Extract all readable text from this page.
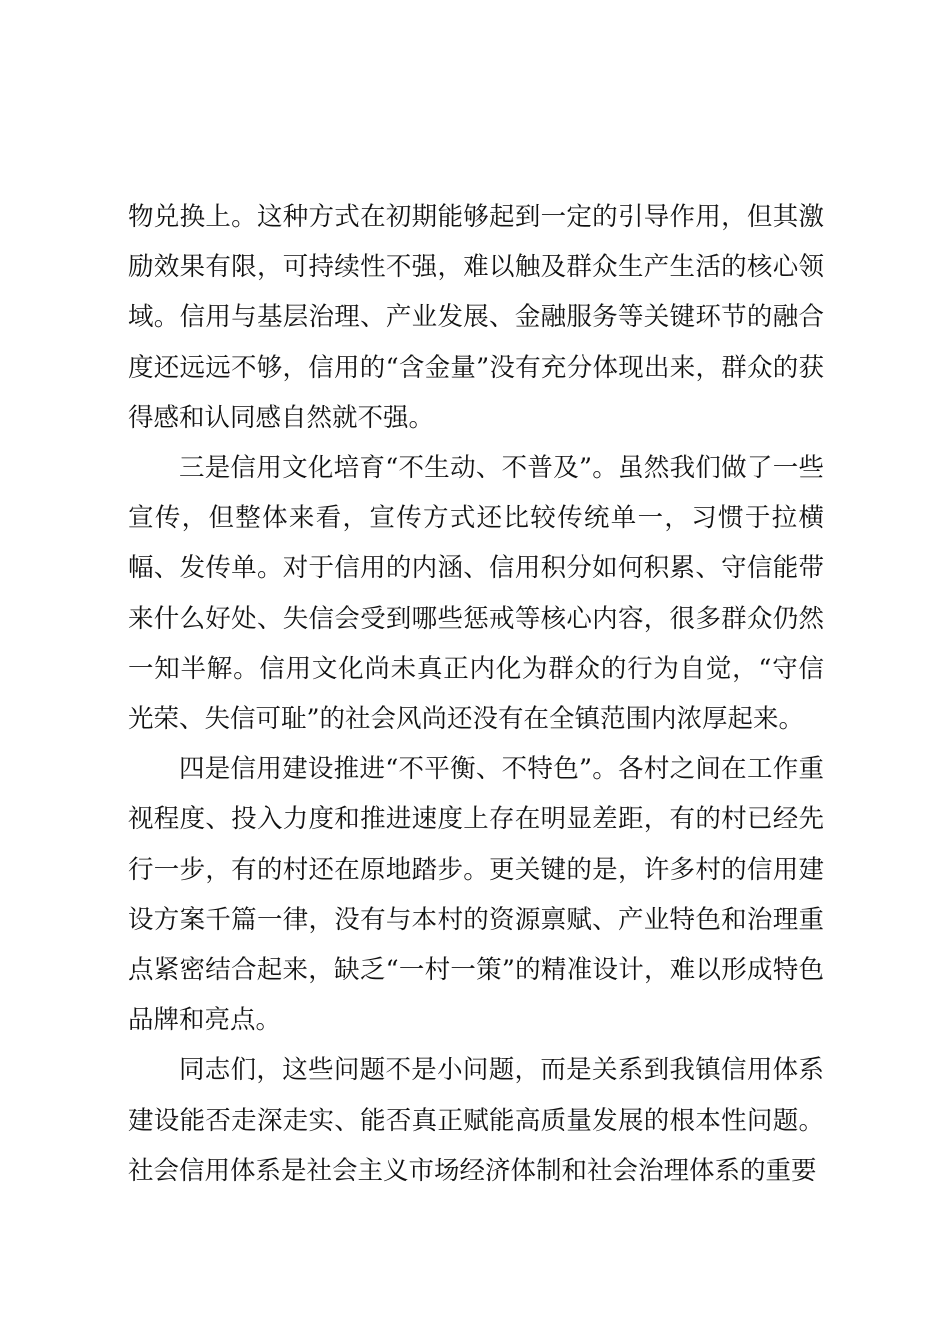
物兑换上。这种方式在初期能够起到一定的引导作用，但其激励效果有限，可持续性不强，难以触及群众生产生活的核心领域。信用与基层治理、产业发展、金融服务等关键环节的融合度还远远不够，信用的“含金量”没有充分体现出来，群众的获得感和认同感自然就不强。

三是信用文化培育“不生动、不普及”。虽然我们做了一些宣传，但整体来看，宣传方式还比较传统单一，习惯于拉横幅、发传单。对于信用的内涵、信用积分如何积累、守信能带来什么好处、失信会受到哪些惩戒等核心内容，很多群众仍然一知半解。信用文化尚未真正内化为群众的行为自觉，“守信光荣、失信可耻”的社会风尚还没有在全镇范围内浓厚起来。

四是信用建设推进“不平衡、不特色”。各村之间在工作重视程度、投入力度和推进速度上存在明显差距，有的村已经先行一步，有的村还在原地踏步。更关键的是，许多村的信用建设方案千篇一律，没有与本村的资源禀赋、产业特色和治理重点紧密结合起来，缺乏“一村一策”的精准设计，难以形成特色品牌和亮点。

同志们，这些问题不是小问题，而是关系到我镇信用体系建设能否走深走实、能否真正赋能高质量发展的根本性问题。社会信用体系是社会主义市场经济体制和社会治理体系的重要
